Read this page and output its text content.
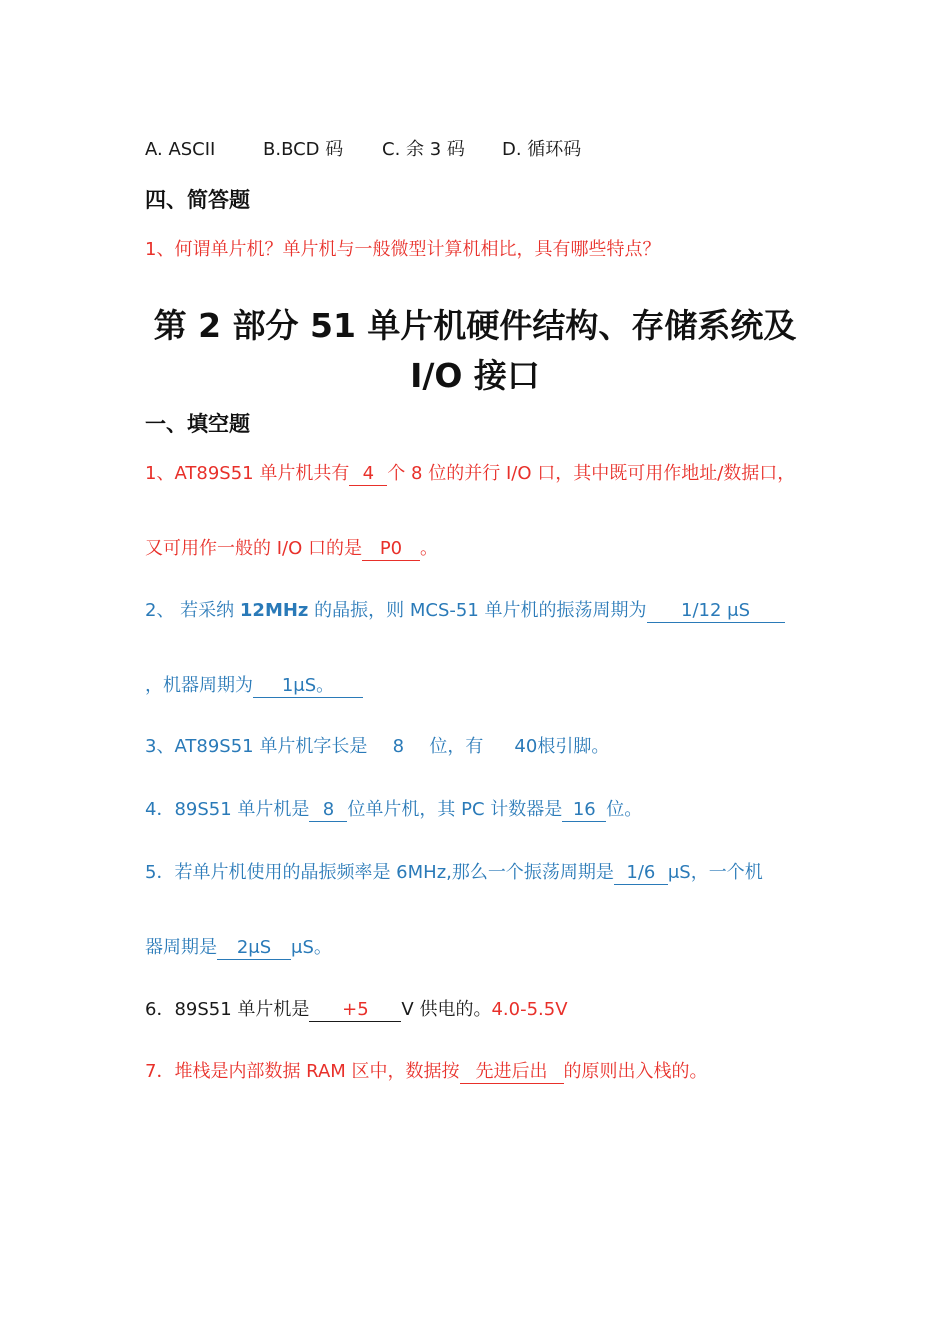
A. ASCII	B.BCD 码 C. 余 3 码 D. 循环码
四、简答题
1、何谓单片机？单片机与一般微型计算机相比，具有哪些特点？
第 2 部分 51 单片机硬件结构、存储系统及
I/O 接口
一、填空题
1、AT89S51 单片机共有 4 个 8 位的并行 I/O 口，其中既可用作地址/数据口，
又可用作一般的 I/O 口的是 P0 。
2、 若采纳 12MHz 的晶振，则 MCS-51 单片机的振荡周期为 1/12 μS
，机器周期为 1μS。
3、AT89S51 单片机字长是 8 位，有 40根引脚。
4．89S51 单片机是 8 位单片机，其 PC 计数器是 16 位。
5．若单片机使用的晶振频率是 6MHz,那么一个振荡周期是 1/6 μS，一个机
器周期是 2μS μS。
6．89S51 单片机是 +5 V 供电的。4.0-5.5V
7．堆栈是内部数据 RAM 区中，数据按 先进后出 的原则出入栈的。
